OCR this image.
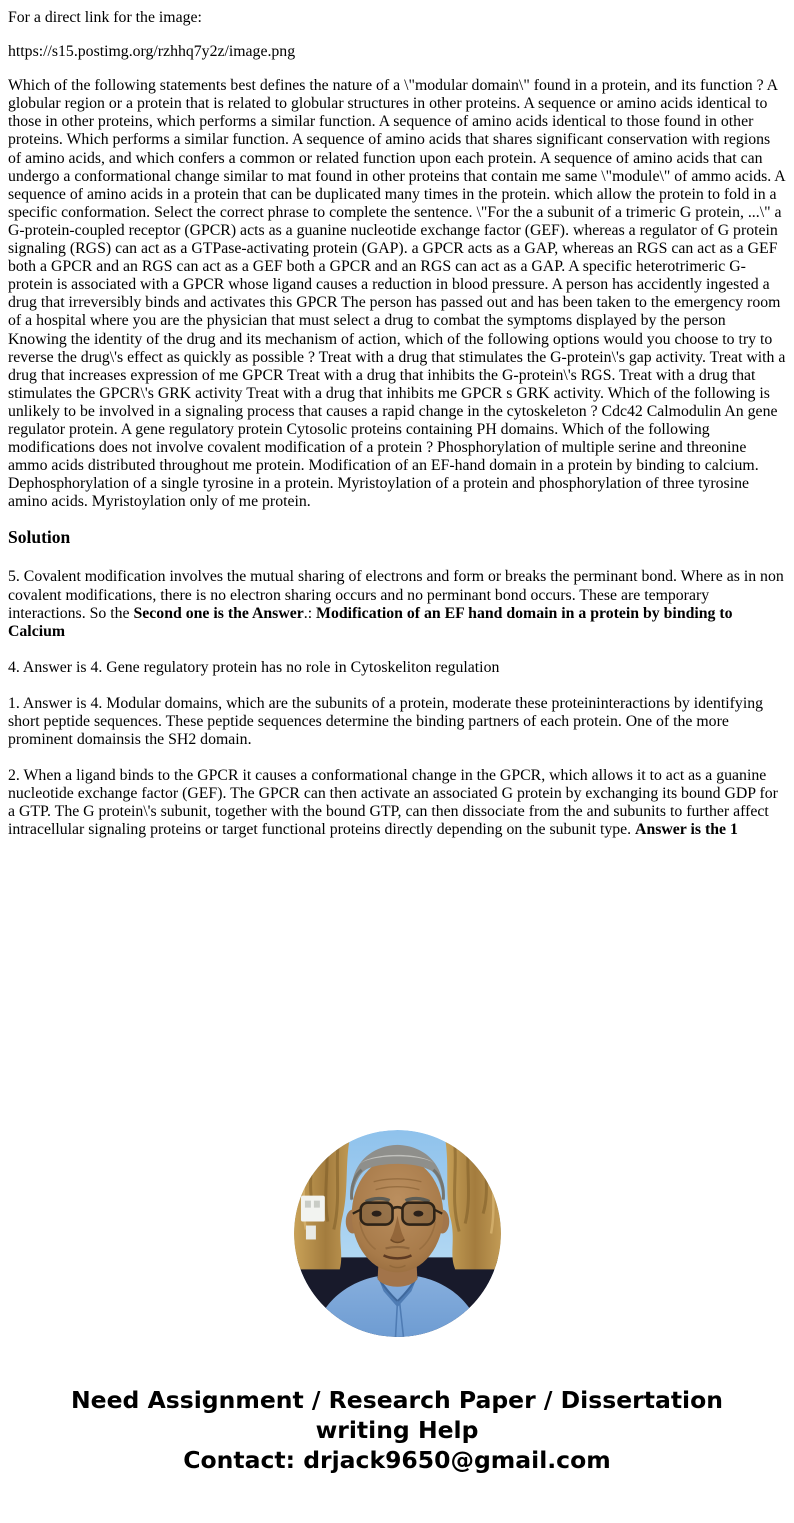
For a direct link for the image:

https://s15.postimg.org/rzhhq7y2z/image.png

Which of the following statements best defines the nature of a \"modular domain\" found in a protein, and its function ? A globular region or a protein that is related to globular structures in other proteins. A sequence or amino acids identical to those in other proteins, which performs a similar function. A sequence of amino acids identical to those found in other proteins. Which performs a similar function. A sequence of amino acids that shares significant conservation with regions of amino acids, and which confers a common or related function upon each protein. A sequence of amino acids that can undergo a conformational change similar to mat found in other proteins that contain me same \"module\" of ammo acids. A sequence of amino acids in a protein that can be duplicated many times in the protein. which allow the protein to fold in a specific conformation. Select the correct phrase to complete the sentence. \"For the a subunit of a trimeric G protein, ...\" a G-protein-coupled receptor (GPCR) acts as a guanine nucleotide exchange factor (GEF). whereas a regulator of G protein signaling (RGS) can act as a GTPase-activating protein (GAP). a GPCR acts as a GAP, whereas an RGS can act as a GEF both a GPCR and an RGS can act as a GEF both a GPCR and an RGS can act as a GAP. A specific heterotrimeric G-protein is associated with a GPCR whose ligand causes a reduction in blood pressure. A person has accidently ingested a drug that irreversibly binds and activates this GPCR The person has passed out and has been taken to the emergency room of a hospital where you are the physician that must select a drug to combat the symptoms displayed by the person Knowing the identity of the drug and its mechanism of action, which of the following options would you choose to try to reverse the drug\'s effect as quickly as possible ? Treat with a drug that stimulates the G-protein\'s gap activity. Treat with a drug that increases expression of me GPCR Treat with a drug that inhibits the G-protein\'s RGS. Treat with a drug that stimulates the GPCR\'s GRK activity Treat with a drug that inhibits me GPCR s GRK activity. Which of the following is unlikely to be involved in a signaling process that causes a rapid change in the cytoskeleton ? Cdc42 Calmodulin An gene regulator protein. A gene regulatory protein Cytosolic proteins containing PH domains. Which of the following modifications does not involve covalent modification of a protein ? Phosphorylation of multiple serine and threonine ammo acids distributed throughout me protein. Modification of an EF-hand domain in a protein by binding to calcium. Dephosphorylation of a single tyrosine in a protein. Myristoylation of a protein and phosphorylation of three tyrosine amino acids. Myristoylation only of me protein.

Solution

5. Covalent modification involves the mutual sharing of electrons and form or breaks the perminant bond. Where as in non covalent modifications, there is no electron sharing occurs and no perminant bond occurs. These are temporary interactions. So the Second one is the Answer.: Modification of an EF hand domain in a protein by binding to Calcium

4. Answer is 4. Gene regulatory protein has no role in Cytoskeliton regulation

1. Answer is 4. Modular domains, which are the subunits of a protein, moderate these proteininteractions by identifying short peptide sequences. These peptide sequences determine the binding partners of each protein. One of the more prominent domainsis the SH2 domain.

2. When a ligand binds to the GPCR it causes a conformational change in the GPCR, which allows it to act as a guanine nucleotide exchange factor (GEF). The GPCR can then activate an associated G protein by exchanging its bound GDP for a GTP. The G protein\'s subunit, together with the bound GTP, can then dissociate from the and subunits to further affect intracellular signaling proteins or target functional proteins directly depending on the subunit type. Answer is the 1

Need Assignment / Research Paper / Dissertation
writing Help
Contact: drjack9650@gmail.com
